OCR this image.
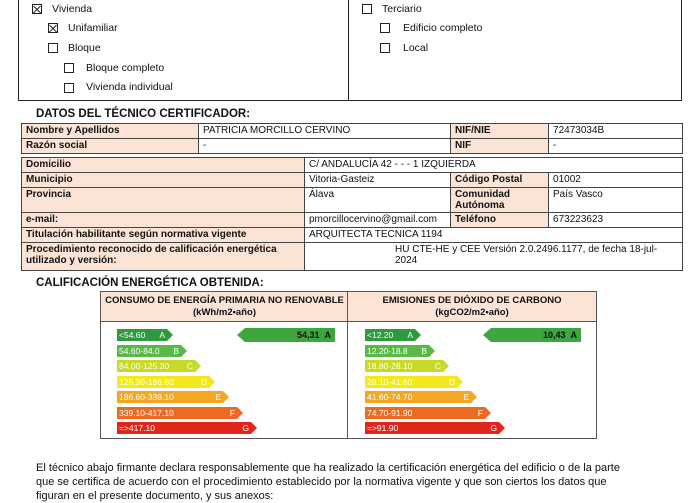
Vivienda
Unifamiliar
Bloque
Bloque completo
Vivienda individual
Terciario
Edificio completo
Local
DATOS DEL TÉCNICO CERTIFICADOR:
Nombre y Apellidos	PATRICIA MORCILLO CERVINO		NIF/NIE	72473034B
Razón social	-		NIF	-

Domicilio		C/ ANDALUCÍA 42 - - - 1 IZQUIERDA		
Municipio		Vitoria-Gasteiz	Código Postal	01002
Provincia		Álava	Comunidad Autónoma	País Vasco
e-mail:		pmorcillocervino@gmail.com	Teléfono	673223623
Titulación habilitante según normativa vigente		ARQUITECTA TECNICA 1194		
Procedimiento reconocido de calificación energética utilizado y versión:		HU CTE-HE y CEE Versión 2.0.2496.1177, de fecha 18-jul-2024		
CALIFICACIÓN ENERGÉTICA OBTENIDA:
CONSUMO DE ENERGÍA PRIMARIA NO RENOVABLE (kWh/m2•año)
EMISIONES DE DIÓXIDO DE CARBONO (kgCO2/m2•año)
<54.60 A
54.60-84.0 B
84.00-125.30 C
125.30-186.60	D
186.60-339.10	E
339.10-417.10	F
=>417.10	G
54,31 A	<12.20 A
12.20-18.8 B
18.80-28.10	C
28.10-41.60	D
41.60-74.70	E
74.70-91.90	F
=>91.90	G
10,43 A
El técnico abajo firmante declara responsablemente que ha realizado la certificación energética del edificio o de la parte
que se certifica de acuerdo con el procedimiento establecido por la normativa vigente y que son ciertos los datos que
figuran en el presente documento, y sus anexos:
